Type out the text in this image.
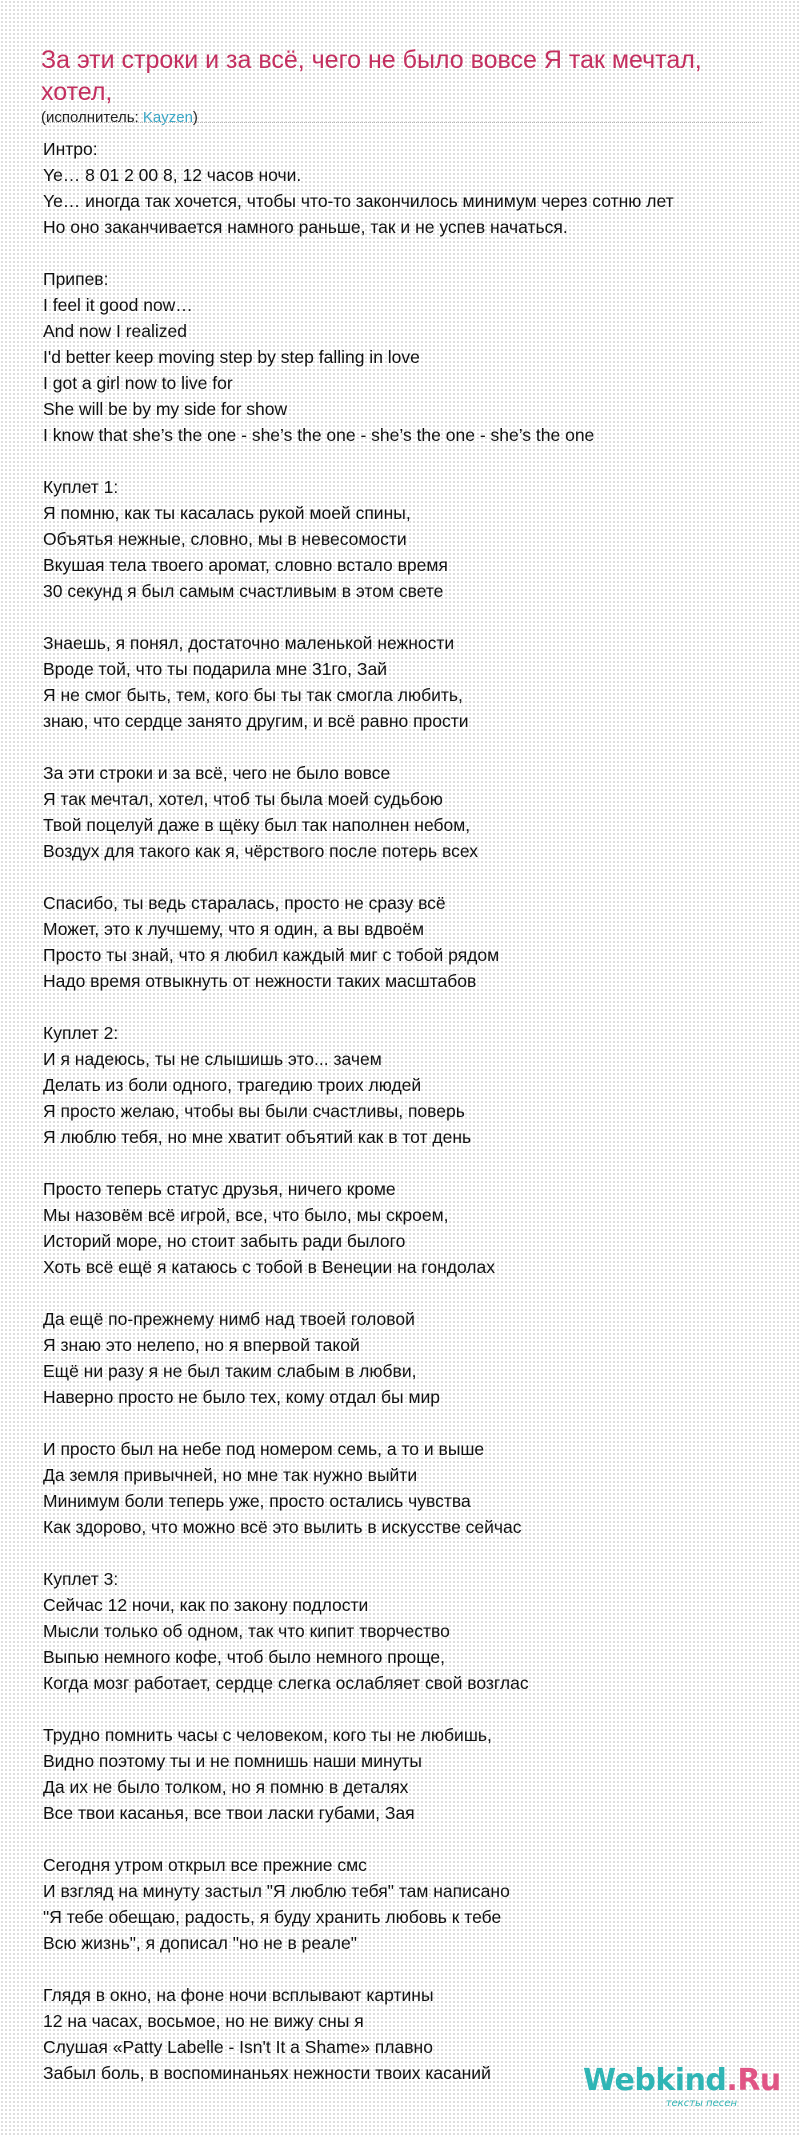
За эти строки и за всё, чего не было вовсе Я так мечтал,
хотел,
(исполнитель: Kayzen)
Интро:
Ye… 8 01 2 00 8, 12 часов ночи.
Ye… иногда так хочется, чтобы что-то закончилось минимум через сотню лет
Но оно заканчивается намного раньше, так и не успев начаться.
Припев:
I feel it good now…
And now I realized
I'd better keep moving step by step falling in love
I got a girl now to live for
She will be by my side for show
I know that she’s the one - she’s the one - she’s the one - she’s the one
Куплет 1:
Я помню, как ты касалась рукой моей спины,
Объятья нежные, словно, мы в невесомости
Вкушая тела твоего аромат, словно встало время
30 секунд я был самым счастливым в этом свете
Знаешь, я понял, достаточно маленькой нежности
Вроде той, что ты подарила мне 31го, Зай
Я не смог быть, тем, кого бы ты так смогла любить,
знаю, что сердце занято другим, и всё равно прости
За эти строки и за всё, чего не было вовсе
Я так мечтал, хотел, чтоб ты была моей судьбою
Твой поцелуй даже в щёку был так наполнен небом,
Воздух для такого как я, чёрствого после потерь всех
Спасибо, ты ведь старалась, просто не сразу всё
Может, это к лучшему, что я один, а вы вдвоём
Просто ты знай, что я любил каждый миг с тобой рядом
Надо время отвыкнуть от нежности таких масштабов
Куплет 2:
И я надеюсь, ты не слышишь это... зачем
Делать из боли одного, трагедию троих людей
Я просто желаю, чтобы вы были счастливы, поверь
Я люблю тебя, но мне хватит объятий как в тот день
Просто теперь статус друзья, ничего кроме
Мы назовём всё игрой, все, что было, мы скроем,
Историй море, но стоит забыть ради былого
Хоть всё ещё я катаюсь с тобой в Венеции на гондолах
Да ещё по-прежнему нимб над твоей головой
Я знаю это нелепо, но я впервой такой
Ещё ни разу я не был таким слабым в любви,
Наверно просто не было тех, кому отдал бы мир
И просто был на небе под номером семь, а то и выше
Да земля привычней, но мне так нужно выйти
Минимум боли теперь уже, просто остались чувства
Как здорово, что можно всё это вылить в искусстве сейчас
Куплет 3:
Сейчас 12 ночи, как по закону подлости
Мысли только об одном, так что кипит творчество
Выпью немного кофе, чтоб было немного проще,
Когда мозг работает, сердце слегка ослабляет свой возглас
Трудно помнить часы с человеком, кого ты не любишь,
Видно поэтому ты и не помнишь наши минуты
Да их не было толком, но я помню в деталях
Все твои касанья, все твои ласки губами, Зая
Сегодня утром открыл все прежние смс
И взгляд на минуту застыл "Я люблю тебя" там написано
"Я тебе обещаю, радость, я буду хранить любовь к тебе
Всю жизнь", я дописал "но не в реале"
Глядя в окно, на фоне ночи всплывают картины
12 на часах, восьмое, но не вижу сны я
Слушая «Patty Labelle - Isn't It a Shame» плавно
Забыл боль, в воспоминаньях нежности твоих касаний	Webkind.Ru
тексты песен
